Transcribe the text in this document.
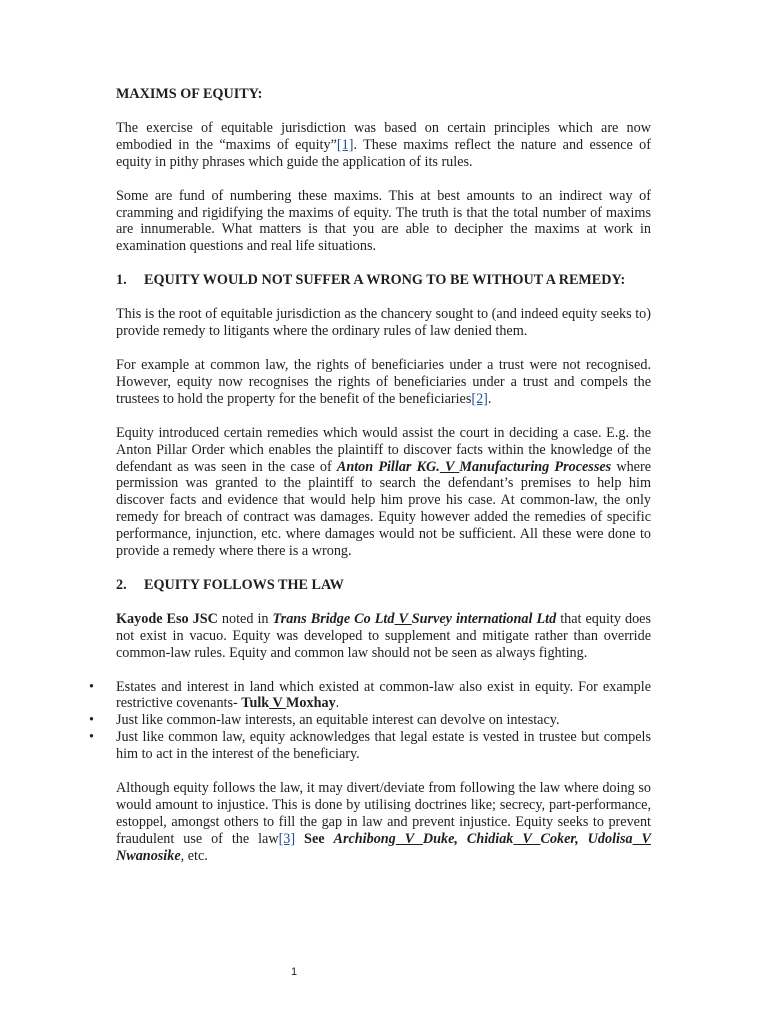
MAXIMS OF EQUITY:

The exercise of equitable jurisdiction was based on certain principles which are now embodied in the “maxims of equity”[1]. These maxims reflect the nature and essence of equity in pithy phrases which guide the application of its rules.

Some are fund of numbering these maxims. This at best amounts to an indirect way of cramming and rigidifying the maxims of equity. The truth is that the total number of maxims are innumerable. What matters is that you are able to decipher the maxims at work in examination questions and real life situations.

1. EQUITY WOULD NOT SUFFER A WRONG TO BE WITHOUT A REMEDY:

This is the root of equitable jurisdiction as the chancery sought to (and indeed equity seeks to) provide remedy to litigants where the ordinary rules of law denied them.

For example at common law, the rights of beneficiaries under a trust were not recognised. However, equity now recognises the rights of beneficiaries under a trust and compels the trustees to hold the property for the benefit of the beneficiaries[2].

Equity introduced certain remedies which would assist the court in deciding a case. E.g. the Anton Pillar Order which enables the plaintiff to discover facts within the knowledge of the defendant as was seen in the case of Anton Pillar KG. V Manufacturing Processes where permission was granted to the plaintiff to search the defendant’s premises to help him discover facts and evidence that would help him prove his case. At common-law, the only remedy for breach of contract was damages. Equity however added the remedies of specific performance, injunction, etc. where damages would not be sufficient. All these were done to provide a remedy where there is a wrong.

2. EQUITY FOLLOWS THE LAW

Kayode Eso JSC noted in Trans Bridge Co Ltd V Survey international Ltd that equity does not exist in vacuo. Equity was developed to supplement and mitigate rather than override common-law rules. Equity and common law should not be seen as always fighting.

• Estates and interest in land which existed at common-law also exist in equity. For example restrictive covenants- Tulk V Moxhay.
• Just like common-law interests, an equitable interest can devolve on intestacy.
• Just like common law, equity acknowledges that legal estate is vested in trustee but compels him to act in the interest of the beneficiary.

Although equity follows the law, it may divert/deviate from following the law where doing so would amount to injustice. This is done by utilising doctrines like; secrecy, part-performance, estoppel, amongst others to fill the gap in law and prevent injustice. Equity seeks to prevent fraudulent use of the law[3] See Archibong V Duke, Chidiak V Coker, Udolisa V Nwanosike, etc.

1
